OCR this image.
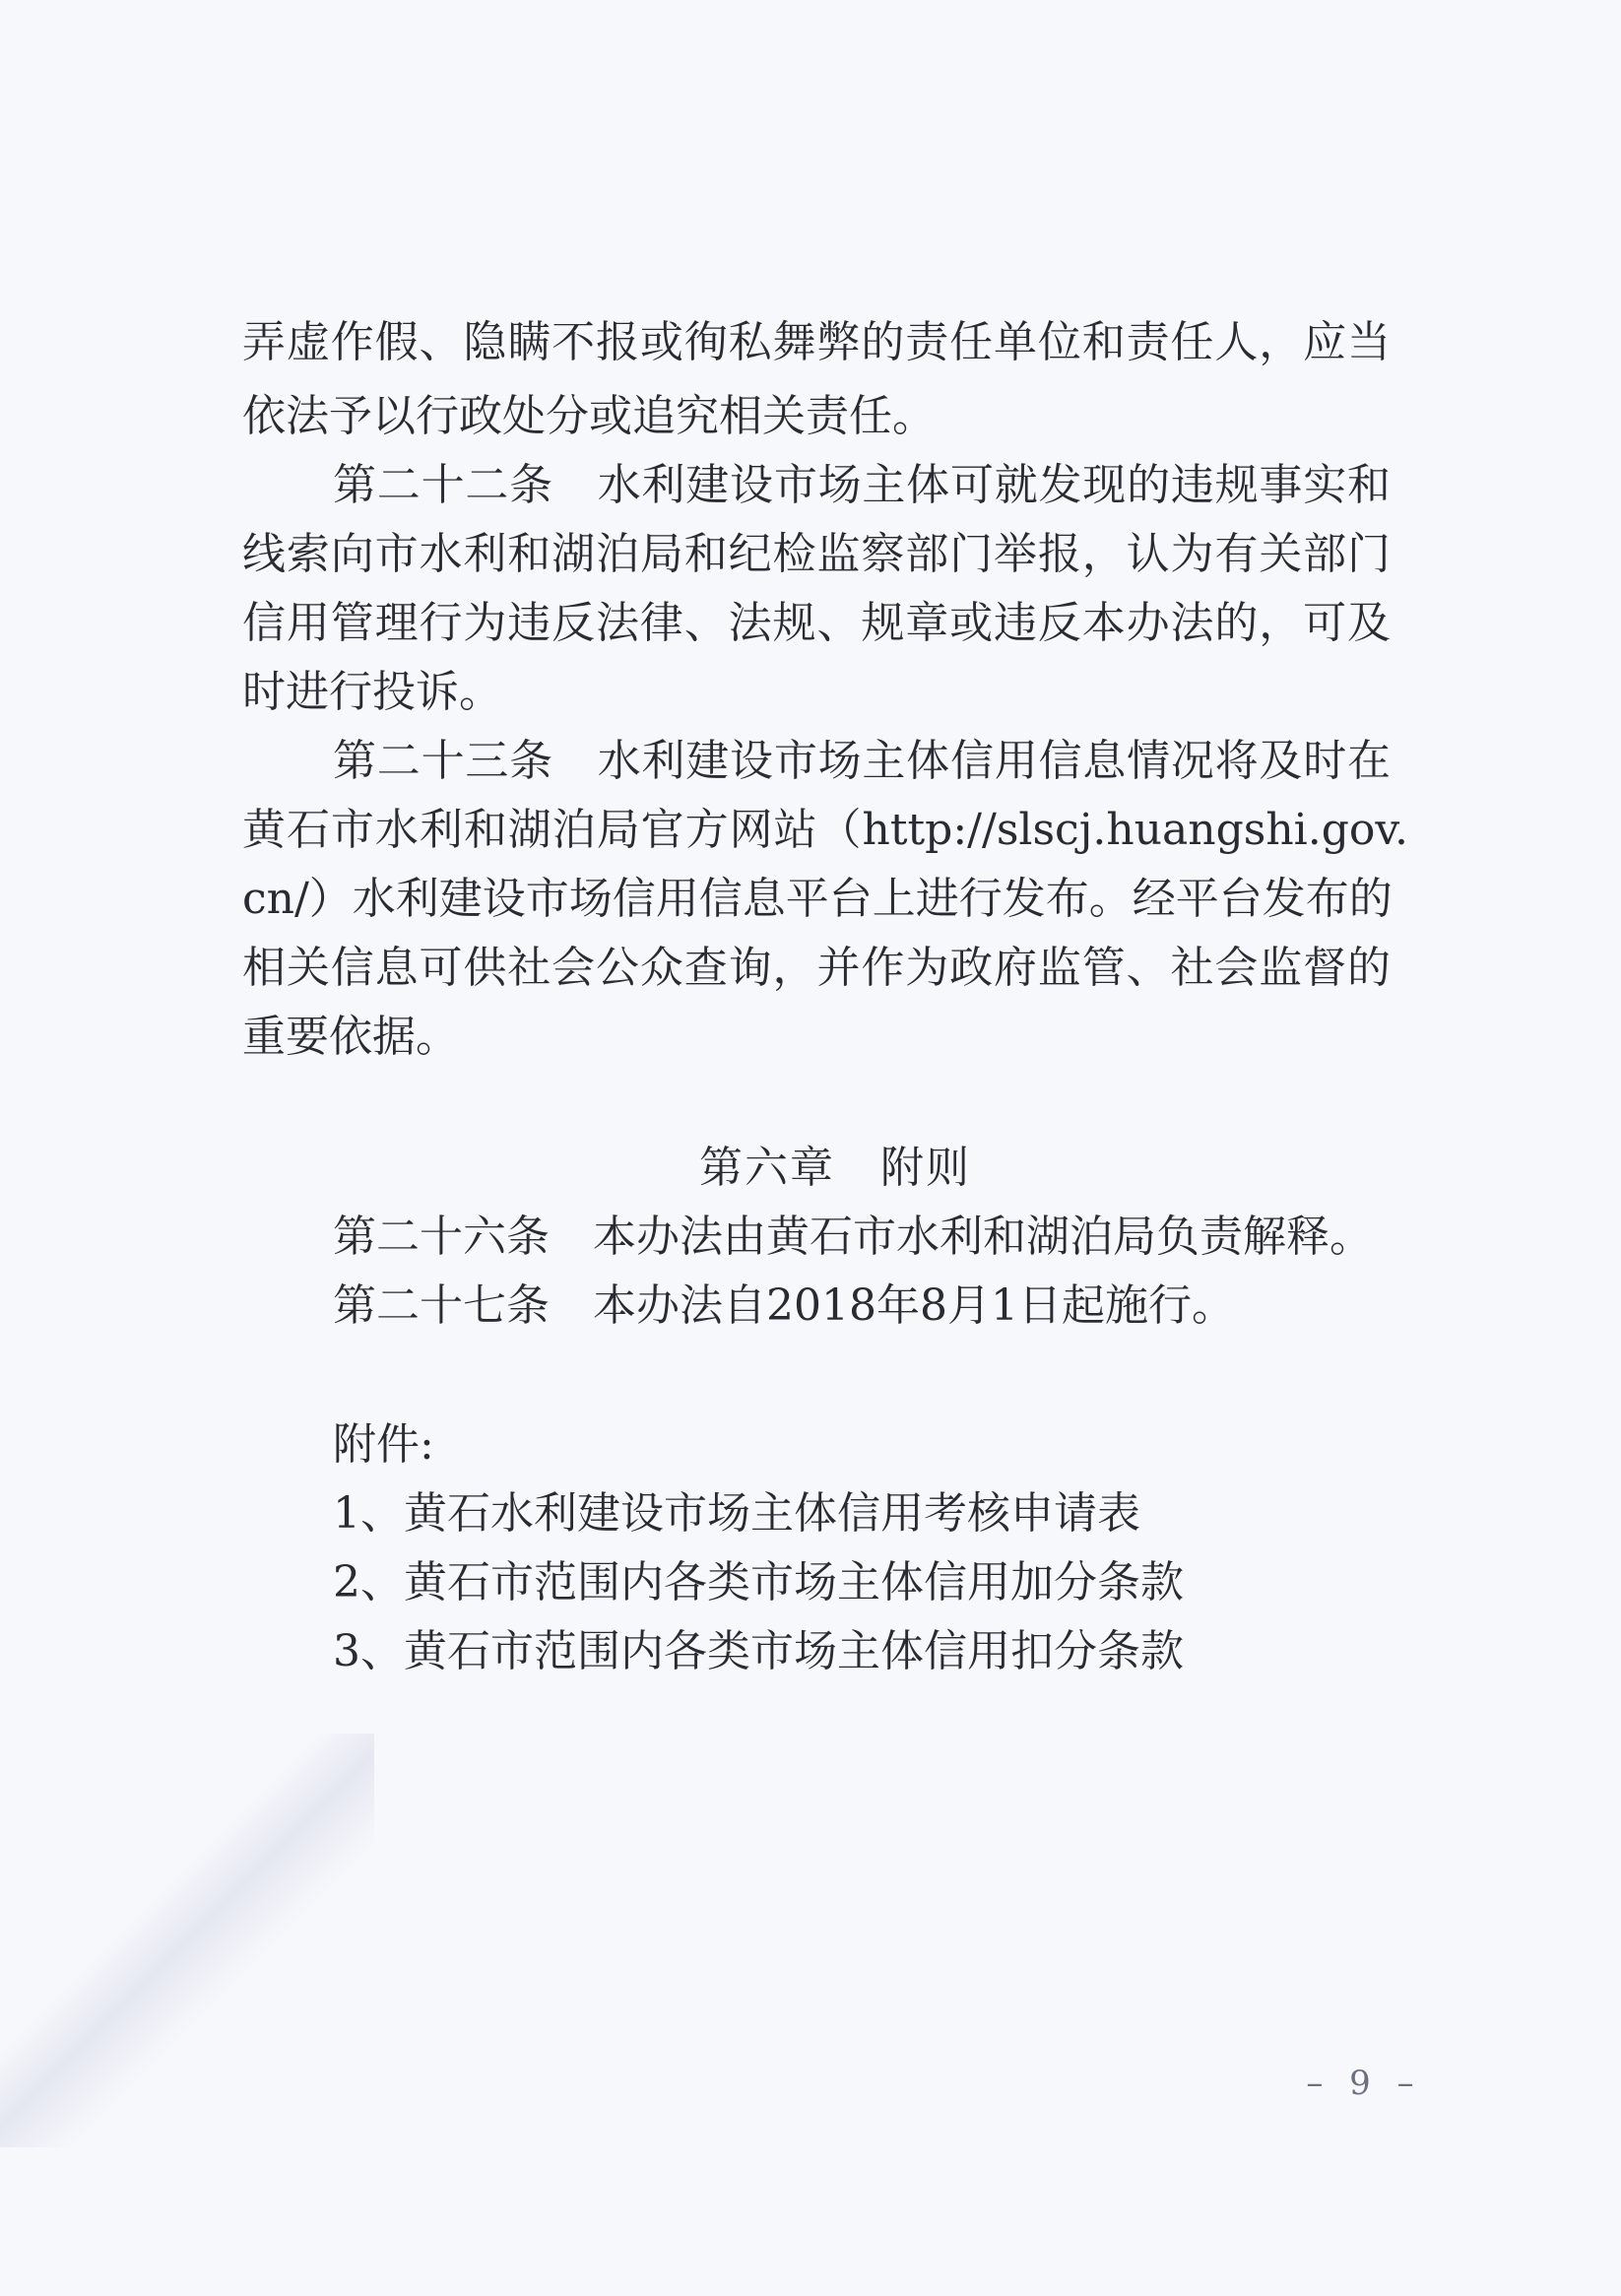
弄虚作假、隐瞒不报或徇私舞弊的责任单位和责任人，应当
依法予以行政处分或追究相关责任。
第二十二条　水利建设市场主体可就发现的违规事实和
线索向市水利和湖泊局和纪检监察部门举报，认为有关部门
信用管理行为违反法律、法规、规章或违反本办法的，可及
时进行投诉。
第二十三条　水利建设市场主体信用信息情况将及时在
黄石市水利和湖泊局官方网站（http://slscj.huangshi.gov.
cn/）水利建设市场信用信息平台上进行发布。经平台发布的
相关信息可供社会公众查询，并作为政府监管、社会监督的
重要依据。
第六章　附则
第二十六条　本办法由黄石市水利和湖泊局负责解释。
第二十七条　本办法自2018年8月1日起施行。
附件:
1、黄石水利建设市场主体信用考核申请表
2、黄石市范围内各类市场主体信用加分条款
3、黄石市范围内各类市场主体信用扣分条款
– 9 –
